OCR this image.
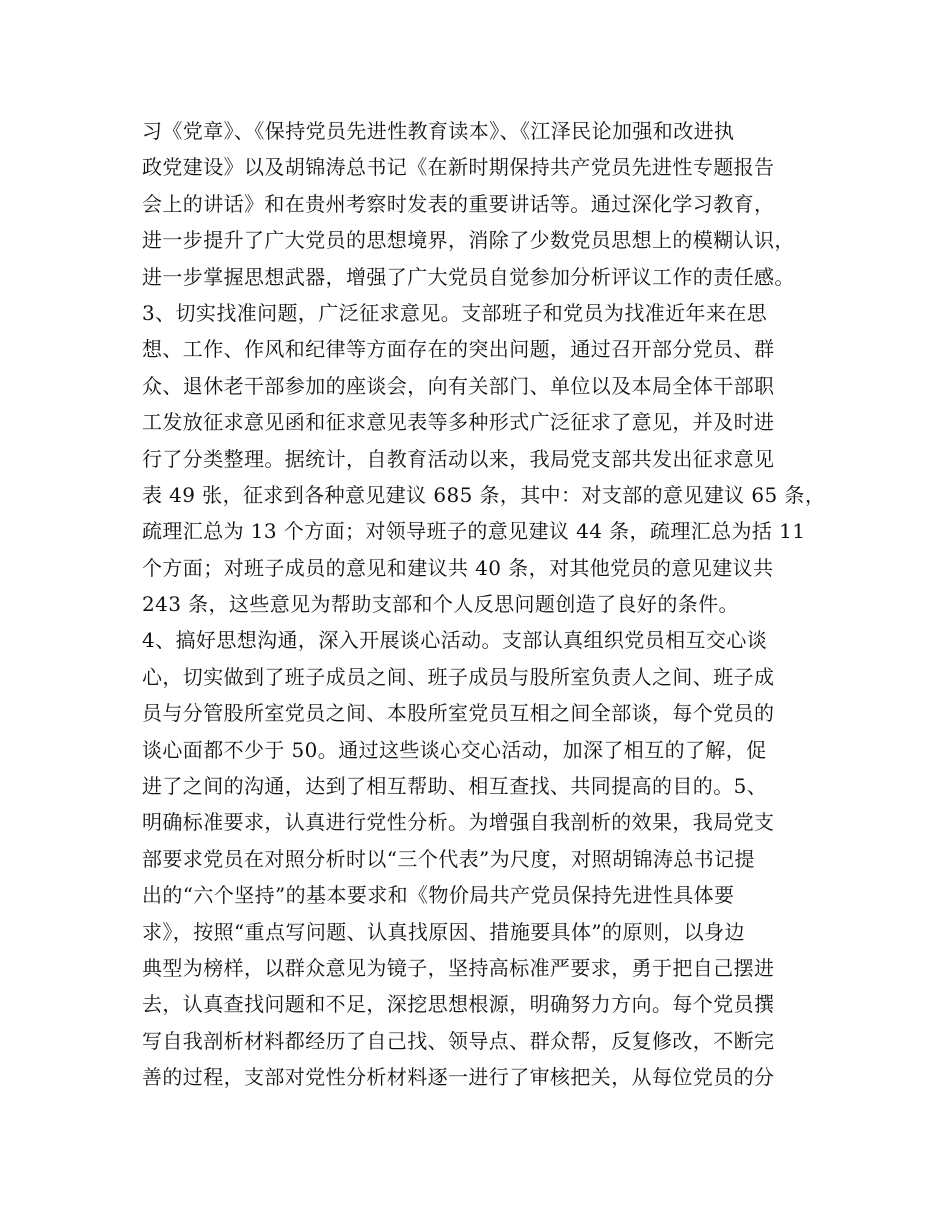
习《党章》、《保持党员先进性教育读本》、《江泽民论加强和改进执
政党建设》以及胡锦涛总书记《在新时期保持共产党员先进性专题报告
会上的讲话》和在贵州考察时发表的重要讲话等。通过深化学习教育，
进一步提升了广大党员的思想境界，消除了少数党员思想上的模糊认识，
进一步掌握思想武器，增强了广大党员自觉参加分析评议工作的责任感。
3、切实找准问题，广泛征求意见。支部班子和党员为找准近年来在思
想、工作、作风和纪律等方面存在的突出问题，通过召开部分党员、群
众、退休老干部参加的座谈会，向有关部门、单位以及本局全体干部职
工发放征求意见函和征求意见表等多种形式广泛征求了意见，并及时进
行了分类整理。据统计，自教育活动以来，我局党支部共发出征求意见
表 49 张，征求到各种意见建议 685 条，其中：对支部的意见建议 65 条，
疏理汇总为 13 个方面；对领导班子的意见建议 44 条，疏理汇总为括 11
个方面；对班子成员的意见和建议共 40 条，对其他党员的意见建议共
243 条，这些意见为帮助支部和个人反思问题创造了良好的条件。
4、搞好思想沟通，深入开展谈心活动。支部认真组织党员相互交心谈
心，切实做到了班子成员之间、班子成员与股所室负责人之间、班子成
员与分管股所室党员之间、本股所室党员互相之间全部谈，每个党员的
谈心面都不少于 50。通过这些谈心交心活动，加深了相互的了解，促
进了之间的沟通，达到了相互帮助、相互查找、共同提高的目的。5、
明确标准要求，认真进行党性分析。为增强自我剖析的效果，我局党支
部要求党员在对照分析时以“三个代表”为尺度，对照胡锦涛总书记提
出的“六个坚持”的基本要求和《物价局共产党员保持先进性具体要
求》，按照“重点写问题、认真找原因、措施要具体”的原则，以身边
典型为榜样，以群众意见为镜子，坚持高标准严要求，勇于把自己摆进
去，认真查找问题和不足，深挖思想根源，明确努力方向。每个党员撰
写自我剖析材料都经历了自己找、领导点、群众帮，反复修改，不断完
善的过程，支部对党性分析材料逐一进行了审核把关，从每位党员的分
